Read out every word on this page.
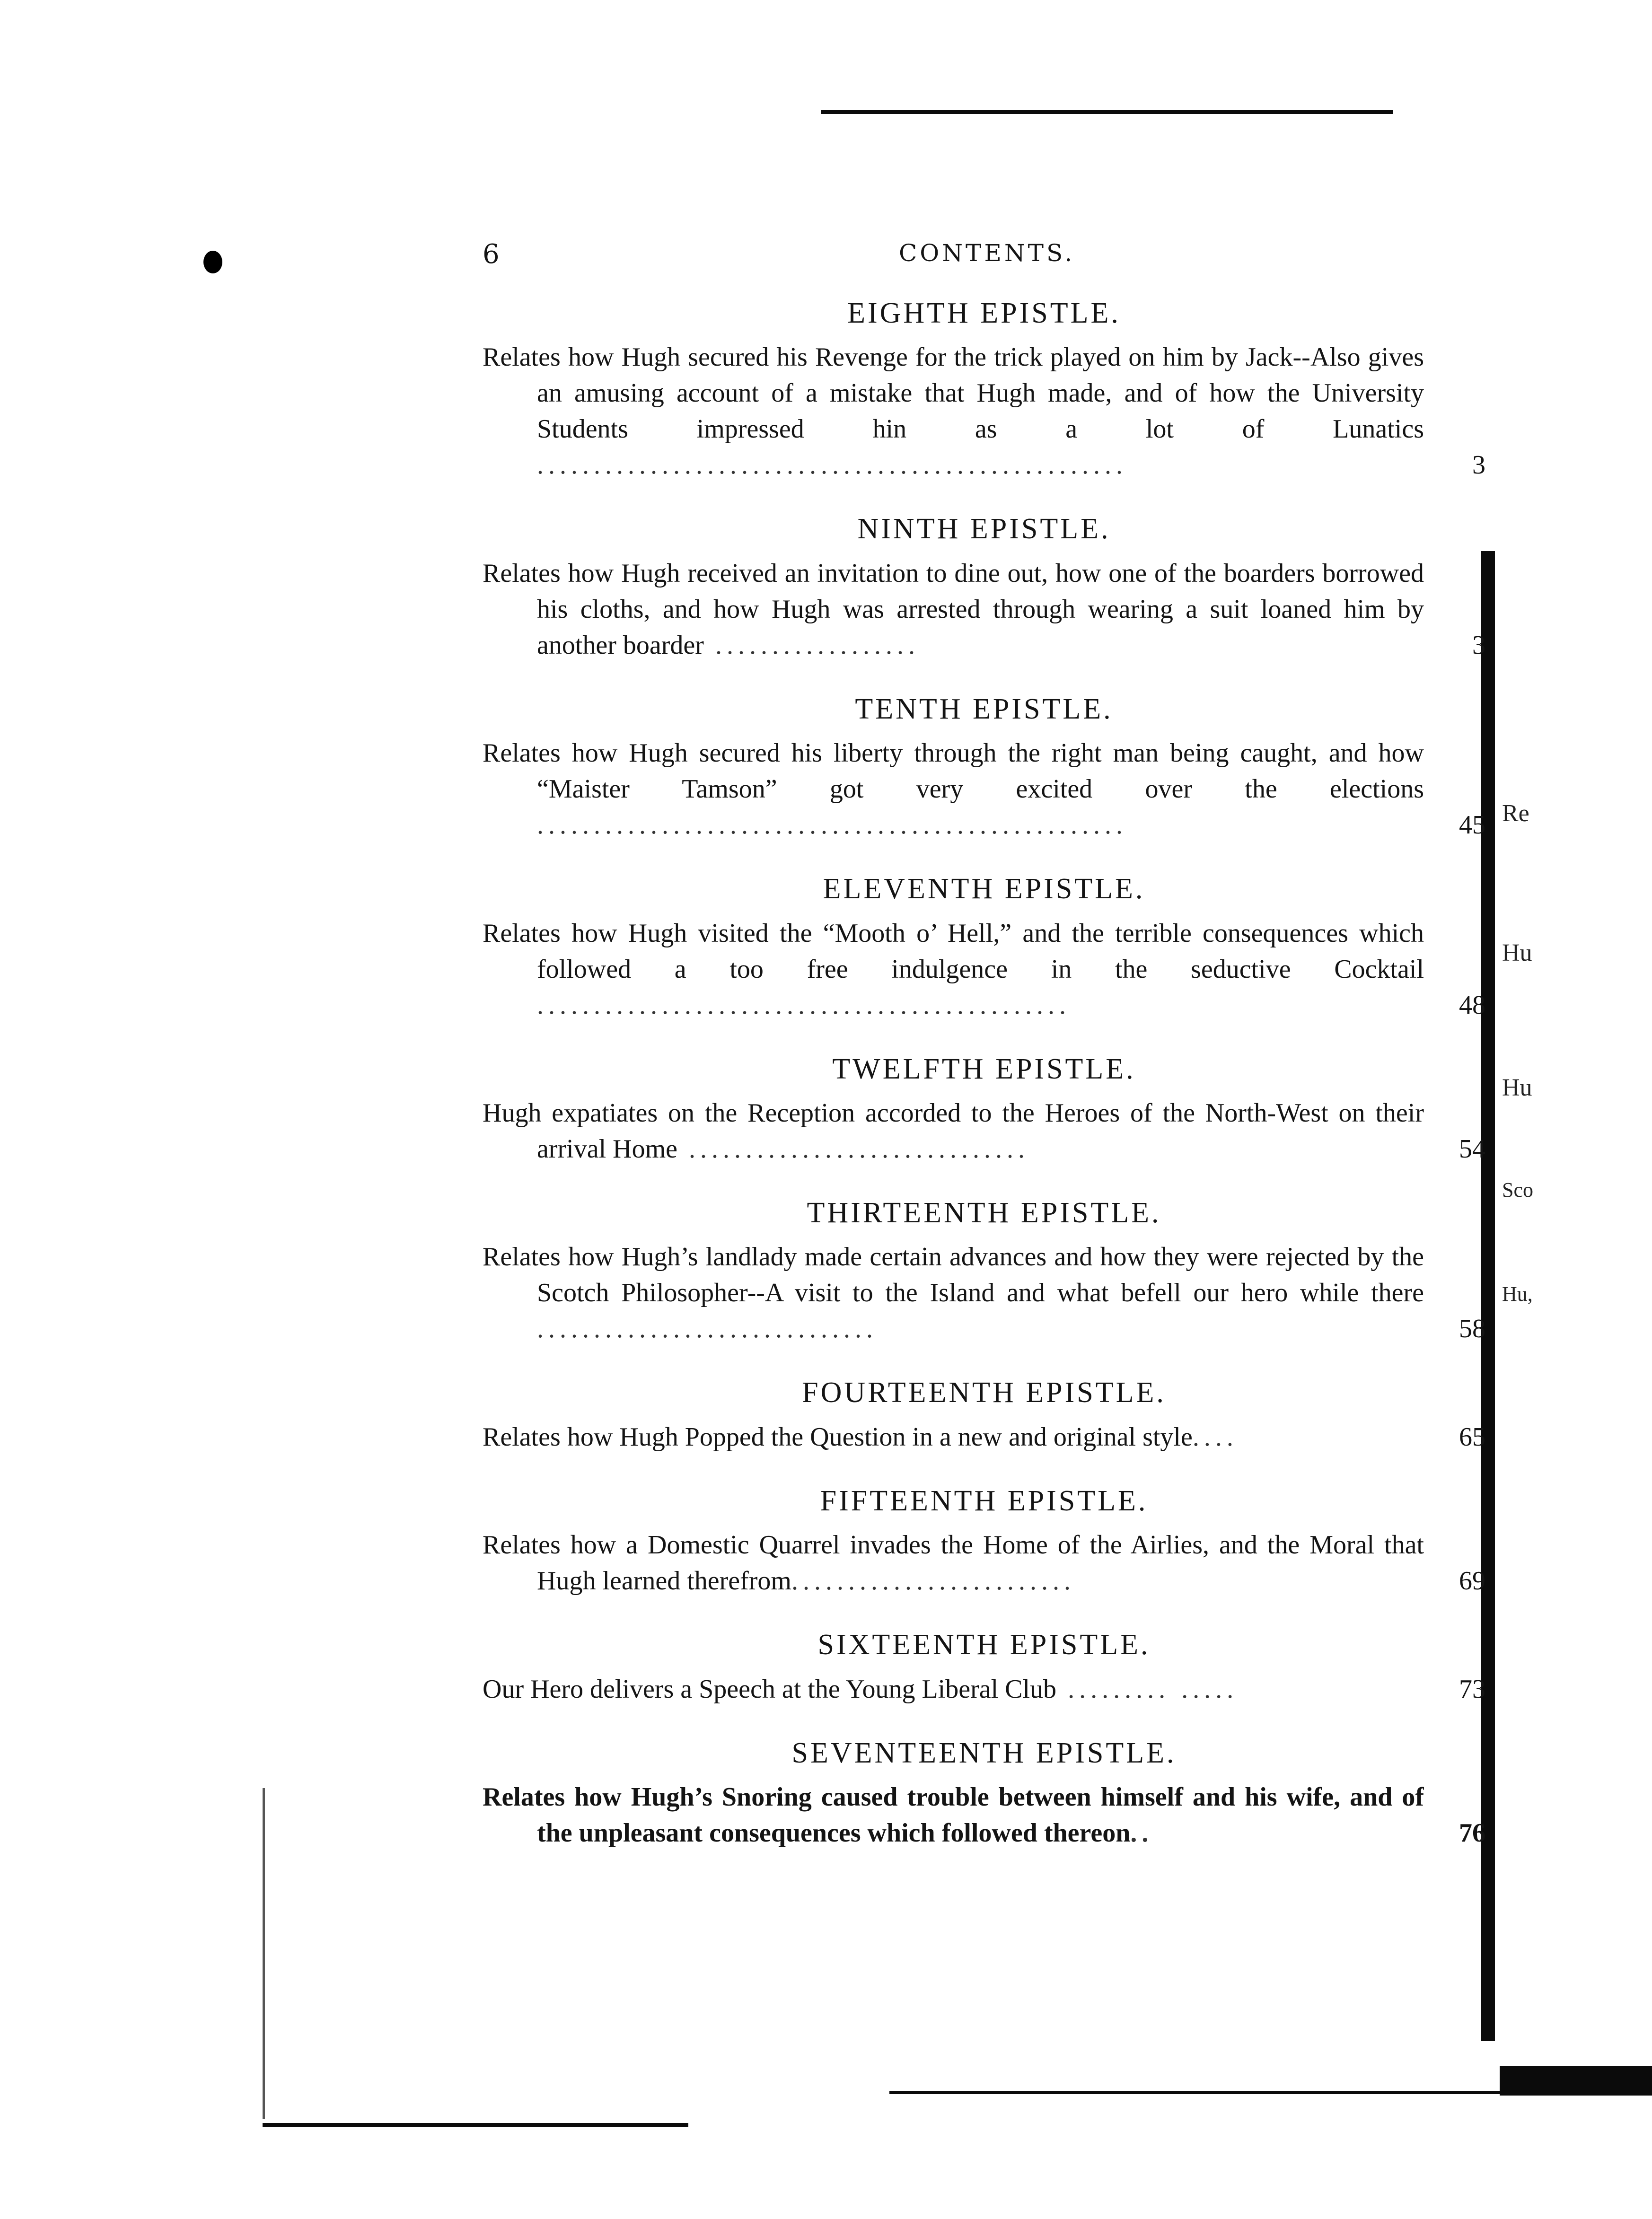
Re
Hu
Hu
Sco
Hu,
6	CONTENTS.
EIGHTH EPISTLE.
Relates how Hugh secured his Revenge for the trick played on him by Jack--Also gives an amusing account of a mistake that Hugh made, and of how the University Students impressed hin as a lot of Lunatics ....................................................	3
NINTH EPISTLE.
Relates how Hugh received an invitation to dine out, how one of the boarders borrowed his cloths, and how Hugh was arrested through wearing a suit loaned him by another boarder ..................	3
TENTH EPISTLE.
Relates how Hugh secured his liberty through the right man being caught, and how “Maister Tamson” got very excited over the elections ....................................................	45
ELEVENTH EPISTLE.
Relates how Hugh visited the “Mooth o’ Hell,” and the terrible consequences which followed a too free indulgence in the seductive Cocktail ...............................................	48
TWELFTH EPISTLE.
Hugh expatiates on the Reception accorded to the Heroes of the North-West on their arrival Home ..............................	54
THIRTEENTH EPISTLE.
Relates how Hugh’s landlady made certain advances and how they were rejected by the Scotch Philosopher--A visit to the Island and what befell our hero while there ..............................	58
FOURTEENTH EPISTLE.
Relates how Hugh Popped the Question in a new and original style....	65
FIFTEENTH EPISTLE.
Relates how a Domestic Quarrel invades the Home of the Airlies, and the Moral that Hugh learned therefrom.........................	69
SIXTEENTH EPISTLE.
Our Hero delivers a Speech at the Young Liberal Club ......... .....	73
SEVENTEENTH EPISTLE.
Relates how Hugh’s Snoring caused trouble between himself and his wife, and of the unpleasant consequences which followed thereon..	76
